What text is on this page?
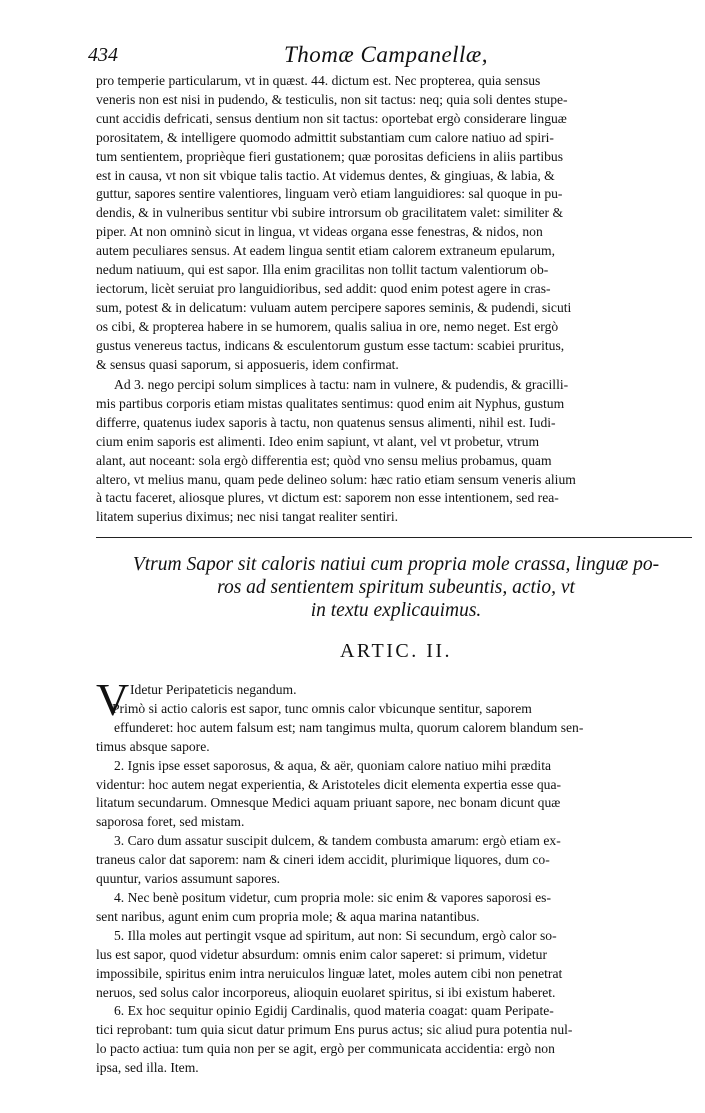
434	Thomæ Campanellæ,
pro temperie particularum, vt in quæst. 44. dictum est. Nec propterea, quia sensus
veneris non est nisi in pudendo, & testiculis, non sit tactus: neq; quia soli dentes stupe-
cunt accidis defricati, sensus dentium non sit tactus: oportebat ergò considerare linguæ
porositatem, & intelligere quomodo admittit substantiam cum calore natiuo ad spiri-
tum sentientem, proprièque fieri gustationem; quæ porositas deficiens in aliis partibus
est in causa, vt non sit vbique talis tactio. At videmus dentes, & gingiuas, & labia, &
guttur, sapores sentire valentiores, linguam verò etiam languidiores: sal quoque in pu-
dendis, & in vulneribus sentitur vbi subire introrsum ob gracilitatem valet: similiter &
piper. At non omninò sicut in lingua, vt videas organa esse fenestras, & nidos, non
autem peculiares sensus. At eadem lingua sentit etiam calorem extraneum epularum,
nedum natiuum, qui est sapor. Illa enim gracilitas non tollit tactum valentiorum ob-
iectorum, licèt seruiat pro languidioribus, sed addit: quod enim potest agere in cras-
sum, potest & in delicatum: vuluam autem percipere sapores seminis, & pudendi, sicuti
os cibi, & propterea habere in se humorem, qualis saliua in ore, nemo neget. Est ergò
gustus venereus tactus, indicans & esculentorum gustum esse tactum: scabiei pruritus,
& sensus quasi saporum, si apposueris, idem confirmat.
Ad 3. nego percipi solum simplices à tactu: nam in vulnere, & pudendis, & gracilli-
mis partibus corporis etiam mistas qualitates sentimus: quod enim ait Nyphus, gustum
differre, quatenus iudex saporis à tactu, non quatenus sensus alimenti, nihil est. Iudi-
cium enim saporis est alimenti. Ideo enim sapiunt, vt alant, vel vt probetur, vtrum
alant, aut noceant: sola ergò differentia est; quòd vno sensu melius probamus, quam
altero, vt melius manu, quam pede delineo solum: hæc ratio etiam sensum veneris alium
à tactu faceret, aliosque plures, vt dictum est: saporem non esse intentionem, sed rea-
litatem superius diximus; nec nisi tangat realiter sentiri.
Vtrum Sapor sit caloris natiui cum propria mole crassa, linguæ po-
ros ad sentientem spiritum subeuntis, actio, vt
in textu explicauimus.
ARTIC. II.
V Idetur Peripateticis negandum.
Primò si actio caloris est sapor, tunc omnis calor vbicunque sentitur, saporem
effunderet: hoc autem falsum est; nam tangimus multa, quorum calorem blandum sen-
timus absque sapore.
2. Ignis ipse esset saporosus, & aqua, & aër, quoniam calore natiuo mihi prædita
videntur: hoc autem negat experientia, & Aristoteles dicit elementa expertia esse qua-
litatum secundarum. Omnesque Medici aquam priuant sapore, nec bonam dicunt quæ
saporosa foret, sed mistam.
3. Caro dum assatur suscipit dulcem, & tandem combusta amarum: ergò etiam ex-
traneus calor dat saporem: nam & cineri idem accidit, plurimique liquores, dum co-
quuntur, varios assumunt sapores.
4. Nec benè positum videtur, cum propria mole: sic enim & vapores saporosi es-
sent naribus, agunt enim cum propria mole; & aqua marina natantibus.
5. Illa moles aut pertingit vsque ad spiritum, aut non: Si secundum, ergò calor so-
lus est sapor, quod videtur absurdum: omnis enim calor saperet: si primum, videtur
impossibile, spiritus enim intra neruiculos linguæ latet, moles autem cibi non penetrat
neruos, sed solus calor incorporeus, alioquin euolaret spiritus, si ibi existum haberet.
6. Ex hoc sequitur opinio Egidij Cardinalis, quod materia coagat: quam Peripate-
tici reprobant: tum quia sicut datur primum Ens purus actus; sic aliud pura potentia nul-
lo pacto actiua: tum quia non per se agit, ergò per communicata accidentia: ergò non
ipsa, sed illa. Item.
